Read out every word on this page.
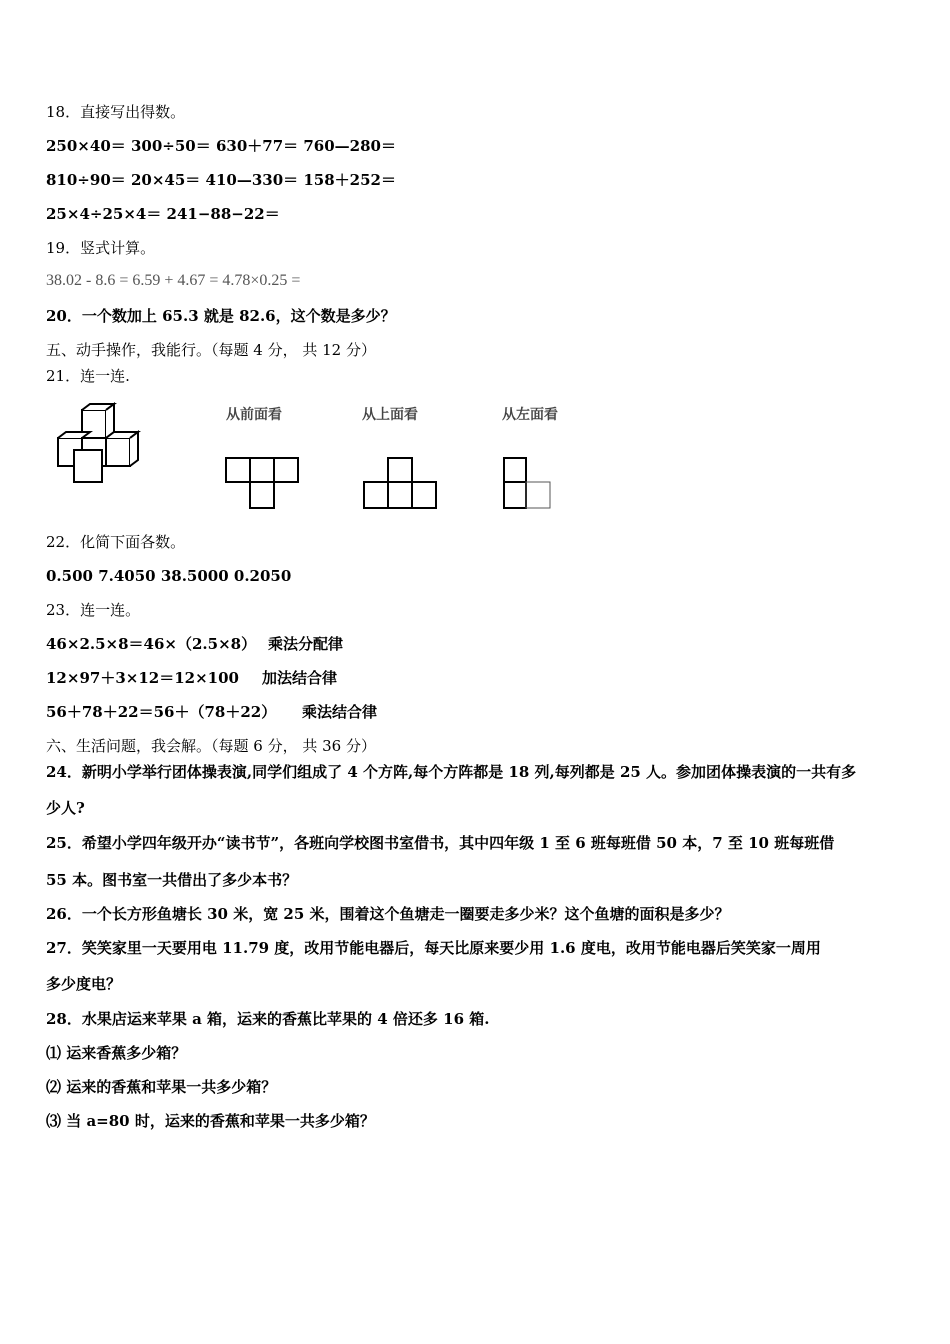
18．直接写出得数。
250×40＝ 300÷50＝ 630＋77＝ 760—280＝
810÷90＝ 20×45＝ 410—330＝ 158＋252＝
25×4÷25×4＝ 241−88−22＝
19．竖式计算。
38.02 - 8.6 = 6.59 + 4.67 = 4.78×0.25 =
20．一个数加上 65.3 就是 82.6，这个数是多少？
五、动手操作，我能行。（每题 4 分， 共 12 分）
21．连一连.
从前面看	从上面看	从左面看
22．化简下面各数。
0.500 7.4050 38.5000 0.2050
23．连一连。
46×2.5×8＝46×（2.5×8） 乘法分配律
12×97＋3×12＝12×100 加法结合律
56＋78＋22＝56＋（78＋22） 乘法结合律
六、生活问题，我会解。（每题 6 分， 共 36 分）
24．新明小学举行团体操表演,同学们组成了 4 个方阵,每个方阵都是 18 列,每列都是 25 人。参加团体操表演的一共有多
少人?
25．希望小学四年级开办“读书节”，各班向学校图书室借书，其中四年级 1 至 6 班每班借 50 本，7 至 10 班每班借
55 本。图书室一共借出了多少本书？
26．一个长方形鱼塘长 30 米，宽 25 米，围着这个鱼塘走一圈要走多少米？这个鱼塘的面积是多少？
27．笑笑家里一天要用电 11.79 度，改用节能电器后，每天比原来要少用 1.6 度电，改用节能电器后笑笑家一周用
多少度电？
28．水果店运来苹果 a 箱，运来的香蕉比苹果的 4 倍还多 16 箱.
⑴ 运来香蕉多少箱？
⑵ 运来的香蕉和苹果一共多少箱？
⑶ 当 a=80 时，运来的香蕉和苹果一共多少箱？
